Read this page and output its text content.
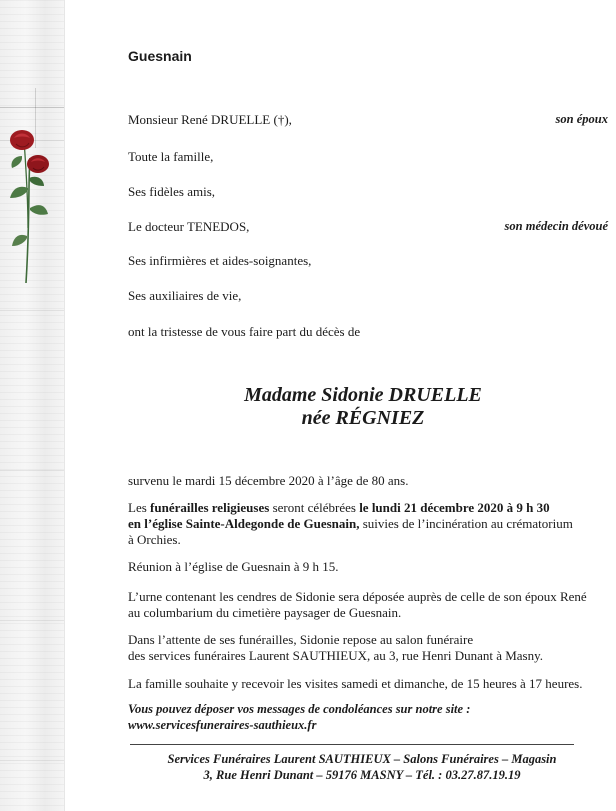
Guesnain
Monsieur René DRUELLE (†),	son époux
Toute la famille,
Ses fidèles amis,
Le docteur TENEDOS,	son médecin dévoué
Ses infirmières et aides-soignantes,
Ses auxiliaires de vie,
ont la tristesse de vous faire part du décès de
Madame Sidonie DRUELLE
née RÉGNIEZ
survenu le mardi 15 décembre 2020 à l’âge de 80 ans.
Les funérailles religieuses seront célébrées le lundi 21 décembre 2020 à 9 h 30
en l’église Sainte-Aldegonde de Guesnain, suivies de l’incinération au crématorium
à Orchies.
Réunion à l’église de Guesnain à 9 h 15.
L’urne contenant les cendres de Sidonie sera déposée auprès de celle de son époux René
au columbarium du cimetière paysager de Guesnain.
Dans l’attente de ses funérailles, Sidonie repose au salon funéraire
des services funéraires Laurent SAUTHIEUX, au 3, rue Henri Dunant à Masny.
La famille souhaite y recevoir les visites samedi et dimanche, de 15 heures à 17 heures.
Vous pouvez déposer vos messages de condoléances sur notre site :
www.servicesfuneraires-sauthieux.fr
Services Funéraires Laurent SAUTHIEUX – Salons Funéraires – Magasin
3, Rue Henri Dunant – 59176 MASNY – Tél. : 03.27.87.19.19
